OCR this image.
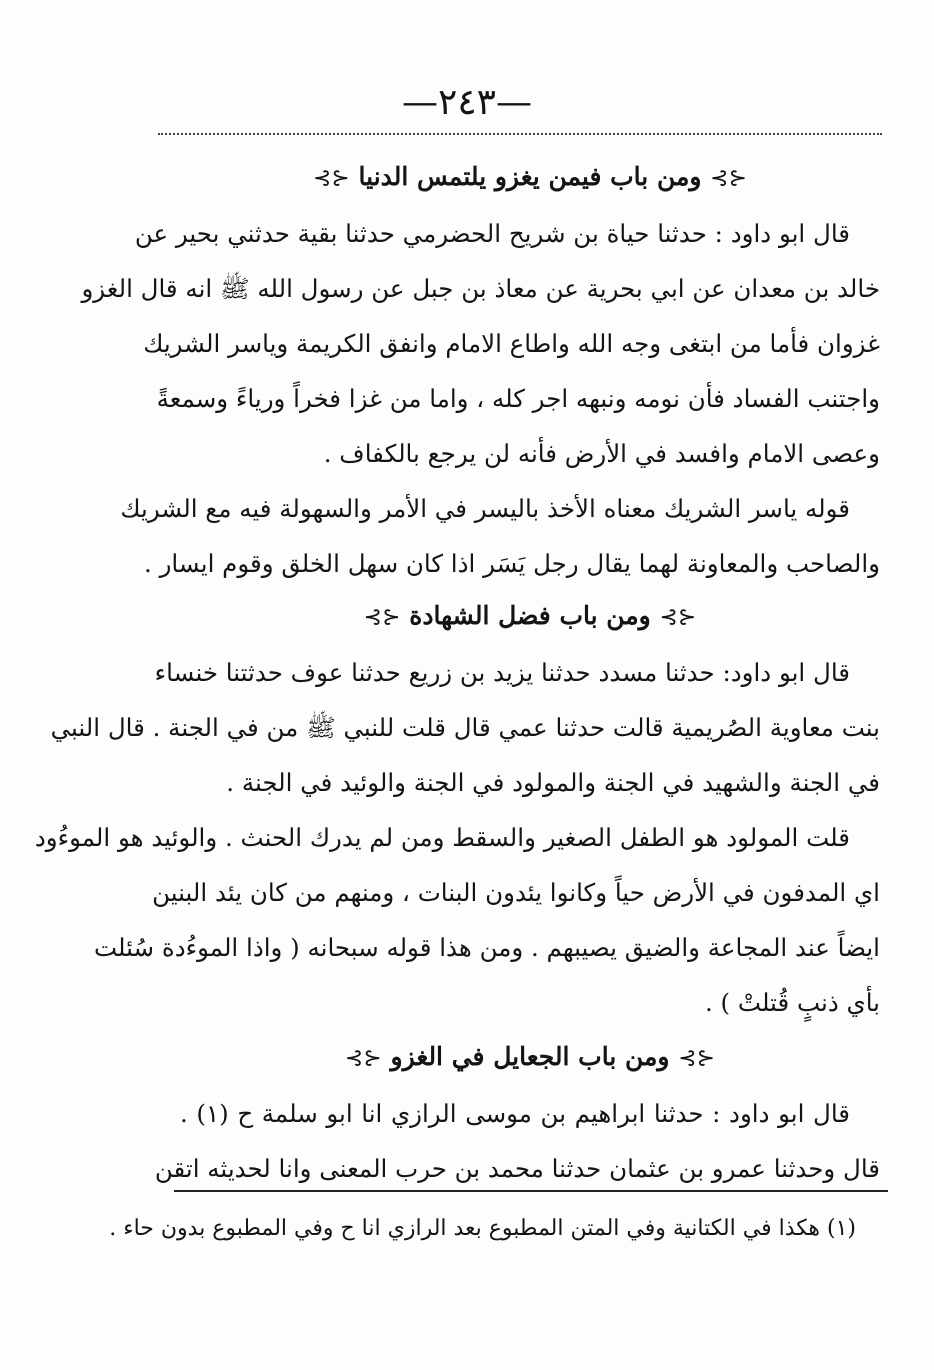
—٢٤٣—
⊰⊱ ومن باب فيمن يغزو يلتمس الدنيا ⊰⊱
قال ابو داود : حدثنا حياة بن شريح الحضرمي حدثنا بقية حدثني بحير عن
خالد بن معدان عن ابي بحرية عن معاذ بن جبل عن رسول الله ﷺ انه قال الغزو
غزوان فأما من ابتغى وجه الله واطاع الامام وانفق الكريمة وياسر الشريك
واجتنب الفساد فأن نومه ونبهه اجر كله ، واما من غزا فخراً ورياءً وسمعةً
وعصى الامام وافسد في الأرض فأنه لن يرجع بالكفاف .
قوله ياسر الشريك معناه الأخذ باليسر في الأمر والسهولة فيه مع الشريك
والصاحب والمعاونة لهما يقال رجل يَسَر اذا كان سهل الخلق وقوم ايسار .
⊰⊱ ومن باب فضل الشهادة ⊰⊱
قال ابو داود: حدثنا مسدد حدثنا يزيد بن زريع حدثنا عوف حدثتنا خنساء
بنت معاوية الصُريمية قالت حدثنا عمي قال قلت للنبي ﷺ من في الجنة . قال النبي
في الجنة والشهيد في الجنة والمولود في الجنة والوئيد في الجنة .
قلت المولود هو الطفل الصغير والسقط ومن لم يدرك الحنث . والوئيد هو الموءُود
اي المدفون في الأرض حياً وكانوا يئدون البنات ، ومنهم من كان يئد البنين
ايضاً عند المجاعة والضيق يصيبهم . ومن هذا قوله سبحانه ( واذا الموءُدة سُئلت
بأي ذنبٍ قُتلتْ ) .
⊰⊱ ومن باب الجعايل في الغزو ⊰⊱
قال ابو داود : حدثنا ابراهيم بن موسى الرازي انا ابو سلمة ح (١) .
قال وحدثنا عمرو بن عثمان حدثنا محمد بن حرب المعنى وانا لحديثه اتقن
(١) هكذا في الكتانية وفي المتن المطبوع بعد الرازي انا ح وفي المطبوع بدون حاء .
